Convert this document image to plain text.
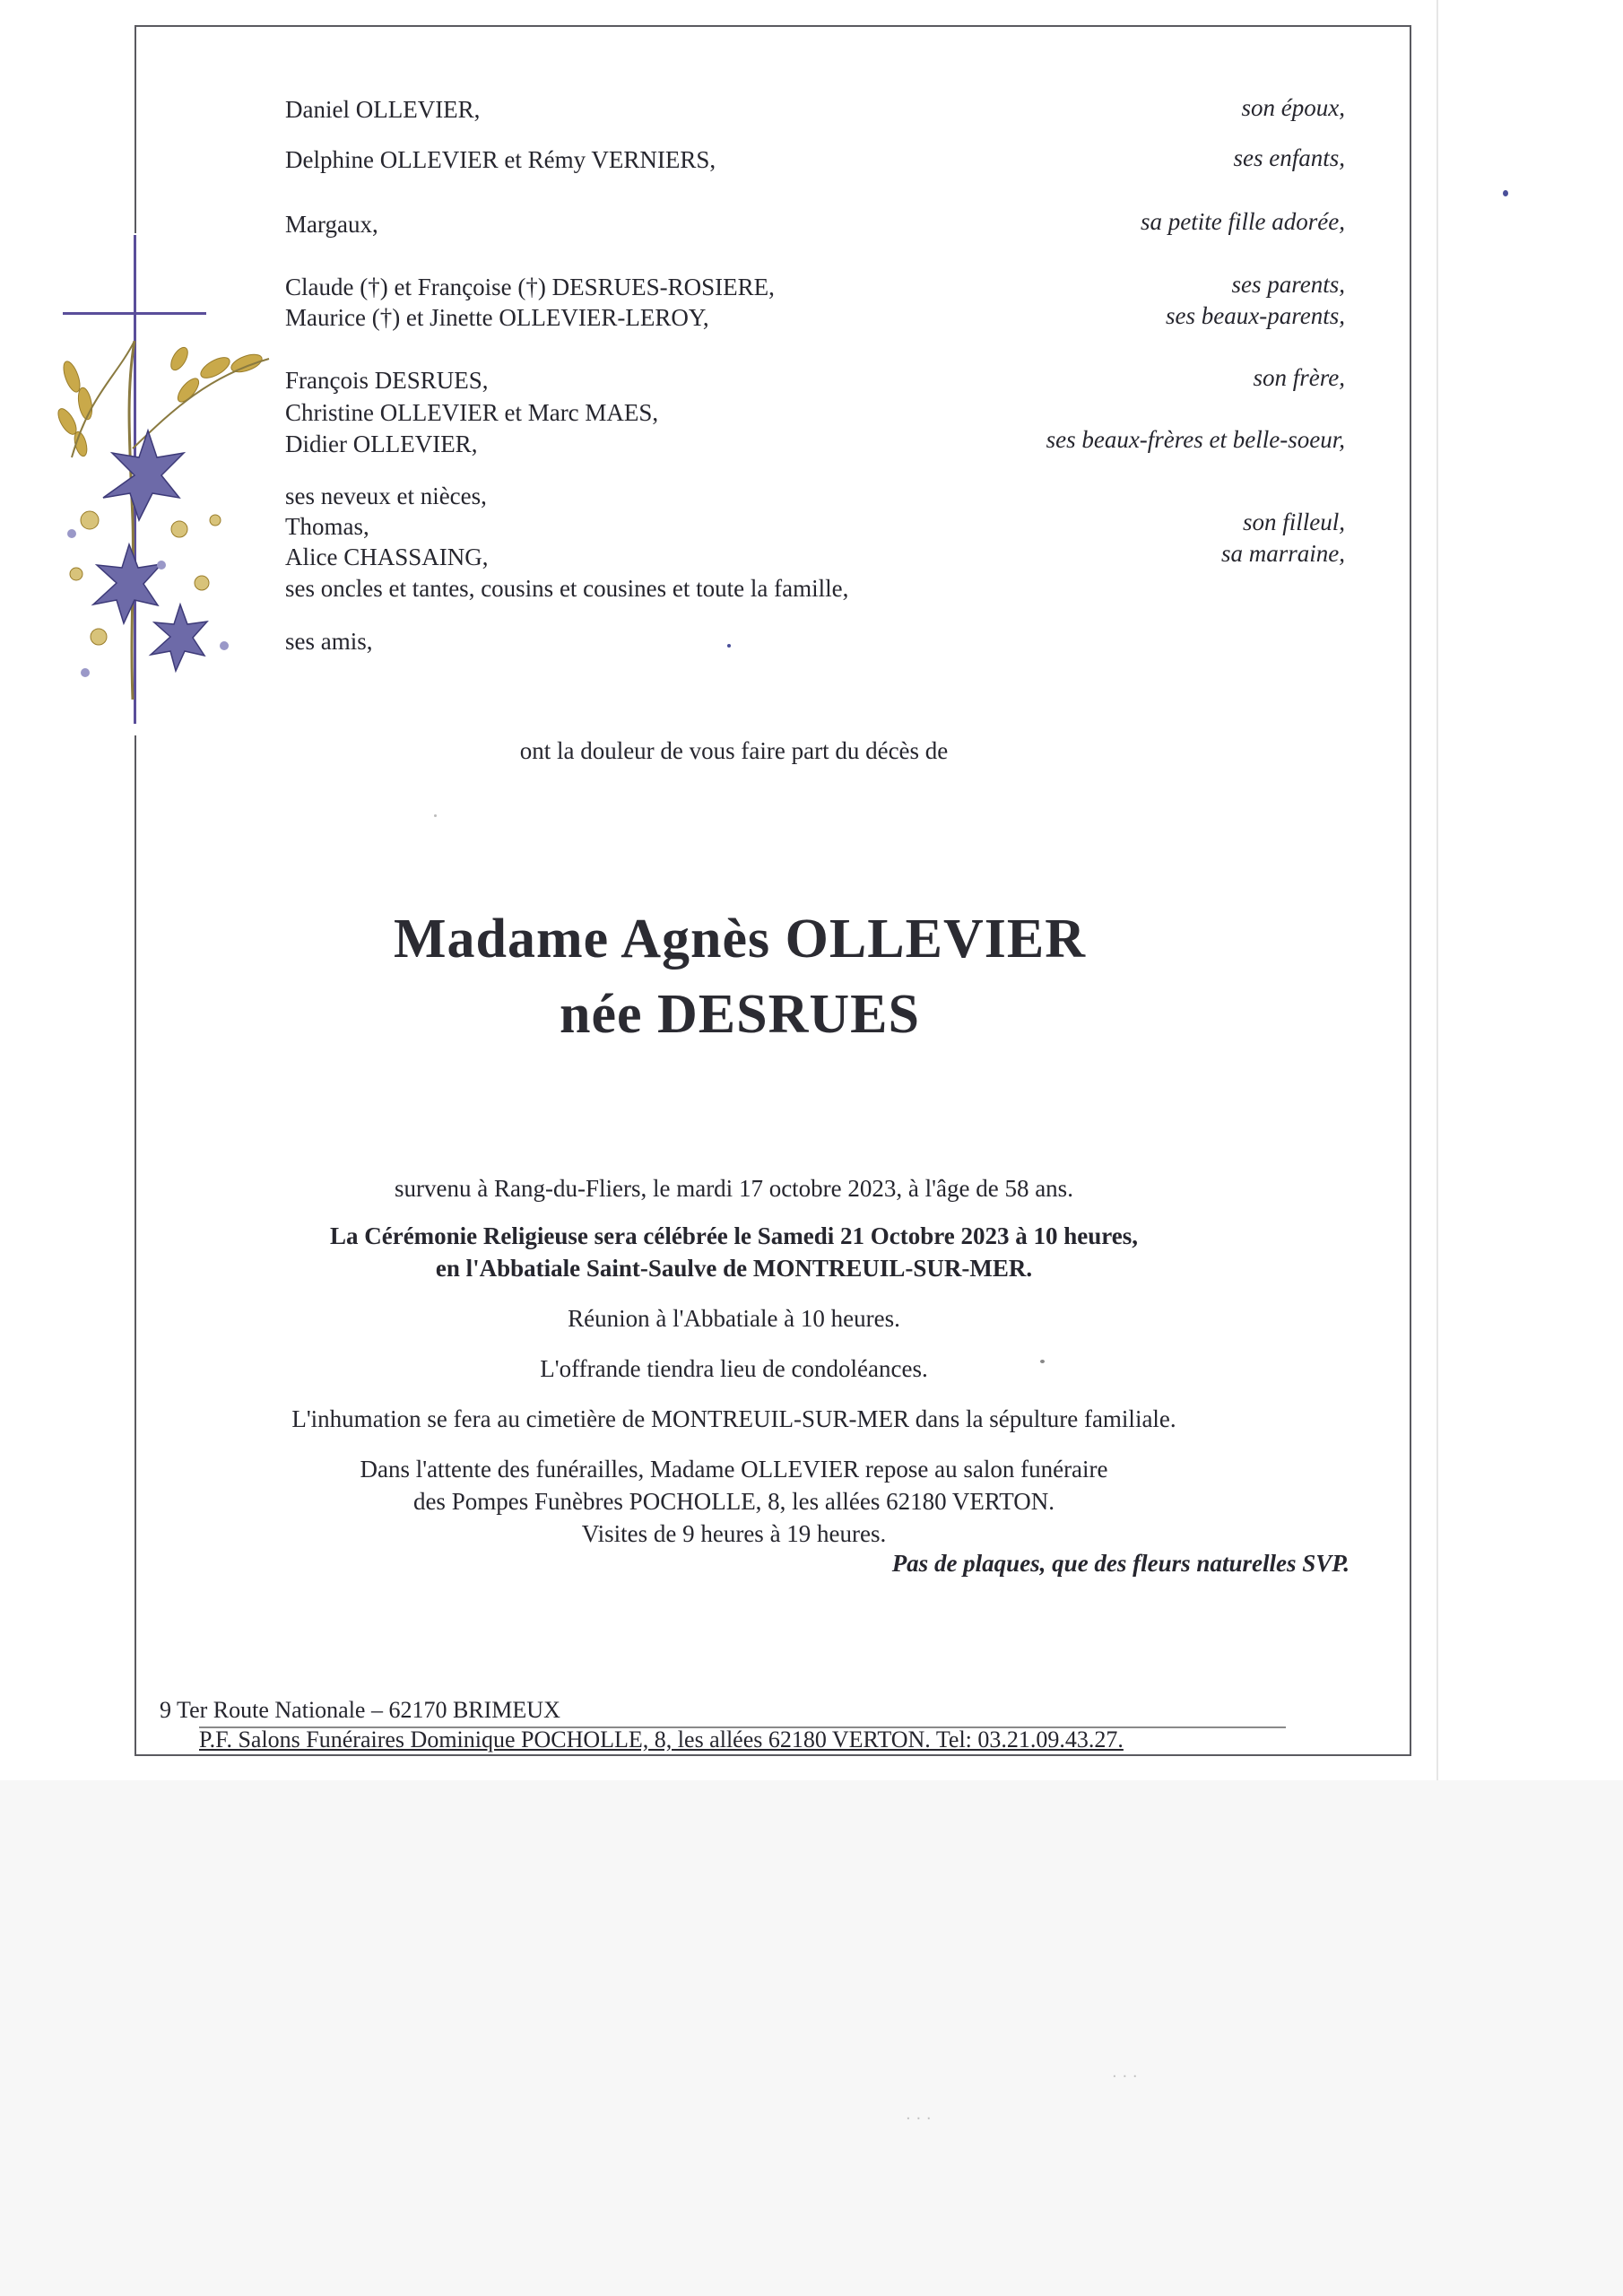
Daniel OLLEVIER,
Delphine OLLEVIER et Rémy VERNIERS,
Margaux,
Claude (†) et Françoise (†) DESRUES-ROSIERE,
Maurice (†) et Jinette OLLEVIER-LEROY,
François DESRUES,
Christine OLLEVIER et Marc MAES,
Didier OLLEVIER,
ses neveux et nièces,
Thomas,
Alice CHASSAING,
ses oncles et tantes, cousins et cousines et toute la famille,
ses amis,
son époux,
ses enfants,
sa petite fille adorée,
ses parents,
ses beaux-parents,
son frère,
ses beaux-frères et belle-soeur,
son filleul,
sa marraine,
ont la douleur de vous faire part du décès de
Madame Agnès OLLEVIER
née DESRUES
survenu à Rang-du-Fliers, le mardi 17 octobre 2023, à l'âge de 58 ans.
La Cérémonie Religieuse sera célébrée le Samedi 21 Octobre 2023 à 10 heures,
en l'Abbatiale Saint-Saulve de MONTREUIL-SUR-MER.
Réunion à l'Abbatiale à 10 heures.
L'offrande tiendra lieu de condoléances.
L'inhumation se fera au cimetière de MONTREUIL-SUR-MER dans la sépulture familiale.
Dans l'attente des funérailles, Madame OLLEVIER repose au salon funéraire
des Pompes Funèbres POCHOLLE, 8, les allées 62180 VERTON.
Visites de 9 heures à 19 heures.
Pas de plaques, que des fleurs naturelles SVP.
9 Ter Route Nationale – 62170 BRIMEUX
P.F. Salons Funéraires Dominique POCHOLLE, 8, les allées 62180 VERTON. Tel: 03.21.09.43.27.
· · ·
· · ·
